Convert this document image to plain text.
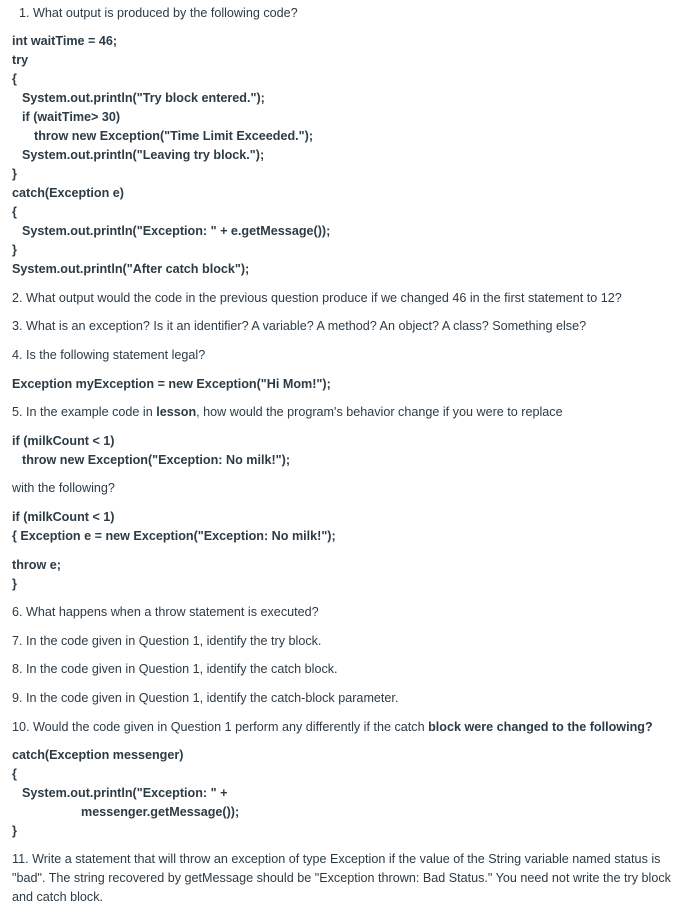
1. What output is produced by the following code?
int waitTime = 46;
try
{
System.out.println("Try block entered.");
if (waitTime> 30)
throw new Exception("Time Limit Exceeded.");
System.out.println("Leaving try block.");
}
catch(Exception e)
{
System.out.println("Exception: " + e.getMessage());
}
System.out.println("After catch block");
2. What output would the code in the previous question produce if we changed 46 in the first statement to 12?
3. What is an exception? Is it an identifier? A variable? A method? An object? A class? Something else?
4. Is the following statement legal?
Exception myException = new Exception("Hi Mom!");
5. In the example code in lesson, how would the program's behavior change if you were to replace
if (milkCount < 1)
throw new Exception("Exception: No milk!");
with the following?
if (milkCount < 1)
{ Exception e = new Exception("Exception: No milk!");
throw e;
}
6. What happens when a throw statement is executed?
7. In the code given in Question 1, identify the try block.
8. In the code given in Question 1, identify the catch block.
9. In the code given in Question 1, identify the catch-block parameter.
10. Would the code given in Question 1 perform any differently if the catch block were changed to the following?
catch(Exception messenger)
{
System.out.println("Exception: " +
messenger.getMessage());
}
11. Write a statement that will throw an exception of type Exception if the value of the String variable named status is "bad". The string recovered by getMessage should be "Exception thrown: Bad Status." You need not write the try block and catch block.
